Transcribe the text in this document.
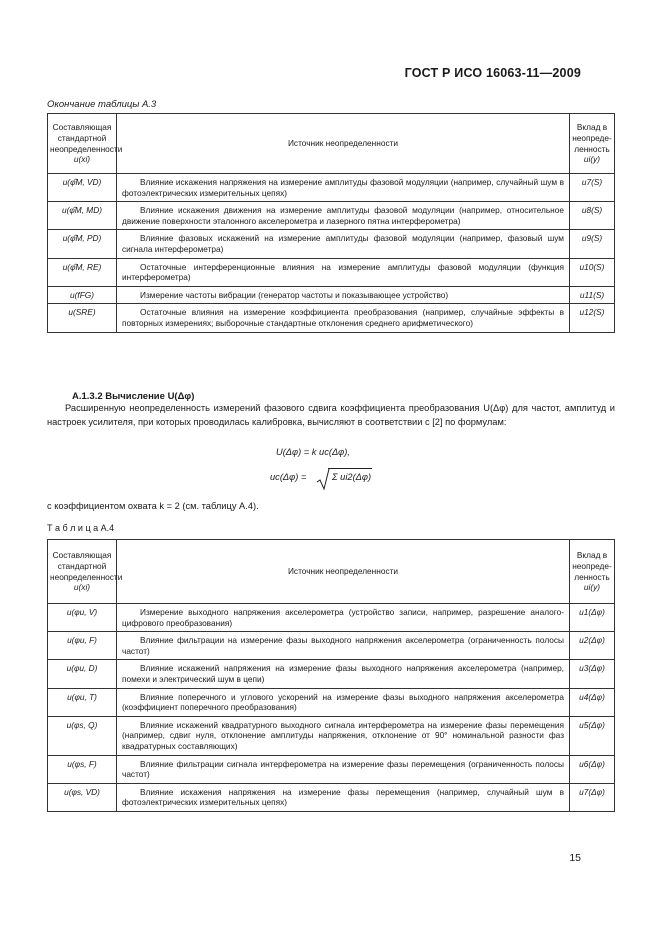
ГОСТ Р ИСО 16063-11—2009
Окончание таблицы А.3
Составляющая
стандартной
неопределенности
u(xi)	Источник неопределенности	Вклад в
неопреде-
ленность
ui(y)
u(φ̂M, VD)	Влияние искажения напряжения на измерение амплитуды фазовой модуляции (например, случайный шум в фотоэлектрических измерительных цепях)	u7(S)
u(φ̂M, MD)	Влияние искажения движения на измерение амплитуды фазовой модуляции (например, относительное движение поверхности эталонного акселерометра и лазерного пятна интерферометра)	u8(S)
u(φ̂M, PD)	Влияние фазовых искажений на измерение амплитуды фазовой модуляции (например, фазовый шум сигнала интерферометра)	u9(S)
u(φ̂M, RE)	Остаточные интерференционные влияния на измерение амплитуды фазовой модуляции (функция интерферометра)	u10(S)
u(fFG)	Измерение частоты вибрации (генератор частоты и показывающее устройство)	u11(S)
u(SRE)	Остаточные влияния на измерение коэффициента преобразования (например, случайные эффекты в повторных измерениях; выборочные стандартные отклонения среднего арифметического)	u12(S)
А.1.3.2 Вычисление U(Δφ)
Расширенную неопределенность измерений фазового сдвига коэффициента преобразования U(Δφ) для частот, амплитуд и настроек усилителя, при которых проводилась калибровка, вычисляют в соответствии с [2] по формулам:
U(Δφ) = k uc(Δφ),
uc(Δφ) =	Σ ui2(Δφ)
с коэффициентом охвата k = 2 (см. таблицу А.4).
Т а б л и ц а А.4
Составляющая
стандартной
неопределенности
u(xi)	Источник неопределенности	Вклад в
неопреде-
ленность
ui(y)
u(φu, V)	Измерение выходного напряжения акселерометра (устройство записи, например, разрешение аналого-цифрового преобразования)	u1(Δφ)
u(φu, F)	Влияние фильтрации на измерение фазы выходного напряжения акселерометра (ограниченность полосы частот)	u2(Δφ)
u(φu, D)	Влияние искажений напряжения на измерение фазы выходного напряжения акселерометра (например, помехи и электрический шум в цепи)	u3(Δφ)
u(φu, T)	Влияние поперечного и углового ускорений на измерение фазы выходного напряжения акселерометра (коэффициент поперечного преобразования)	u4(Δφ)
u(φs, Q)	Влияние искажений квадратурного выходного сигнала интерферометра на измерение фазы перемещения (например, сдвиг нуля, отклонение амплитуды напряжения, отклонение от 90° номинальной разности фаз квадратурных составляющих)	u5(Δφ)
u(φs, F)	Влияние фильтрации сигнала интерферометра на измерение фазы перемещения (ограниченность полосы частот)	u6(Δφ)
u(φs, VD)	Влияние искажения напряжения на измерение фазы перемещения (например, случайный шум в фотоэлектрических измерительных цепях)	u7(Δφ)
15
